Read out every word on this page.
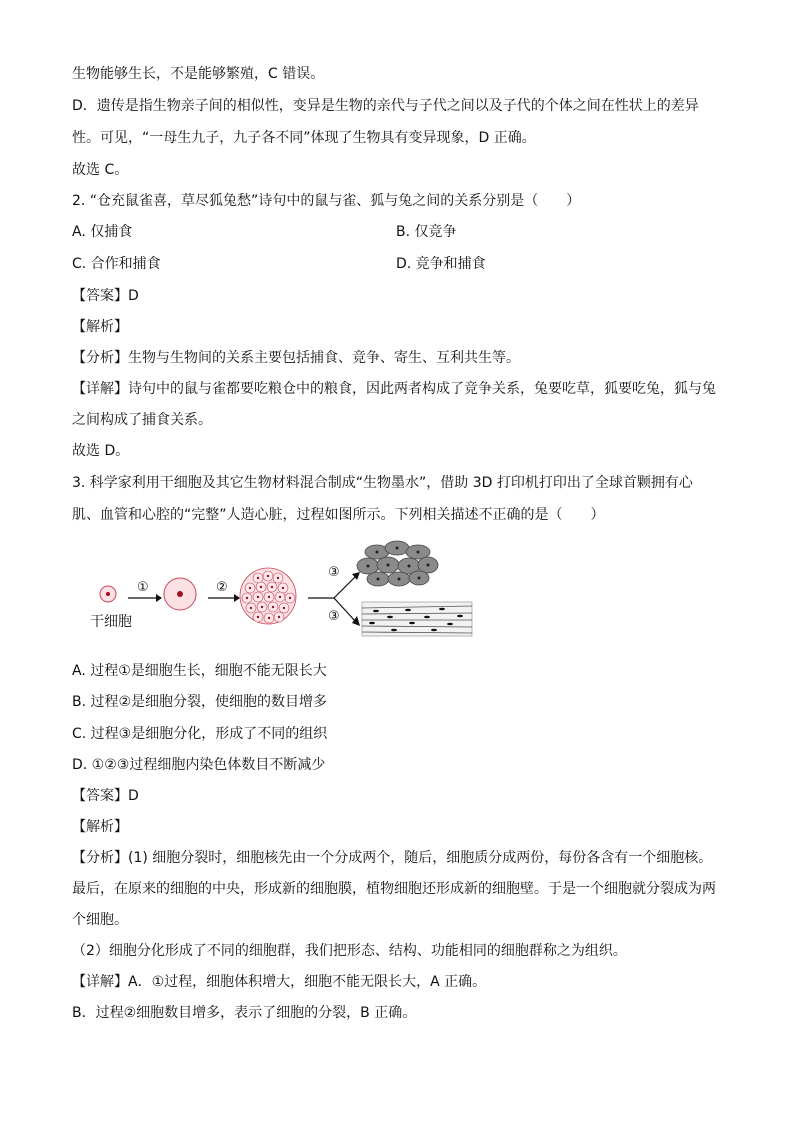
生物能够生长，不是能够繁殖，C 错误。
D．遗传是指生物亲子间的相似性，变异是生物的亲代与子代之间以及子代的个体之间在性状上的差异
性。可见，“一母生九子，九子各不同”体现了生物具有变异现象，D 正确。
故选 C。
2. “仓充鼠雀喜，草尽狐兔愁”诗句中的鼠与雀、狐与兔之间的关系分别是（　　）
A. 仅捕食	B. 仅竞争
C. 合作和捕食	D. 竞争和捕食
【答案】D
【解析】
【分析】生物与生物间的关系主要包括捕食、竞争、寄生、互利共生等。
【详解】诗句中的鼠与雀都要吃粮仓中的粮食，因此两者构成了竞争关系，兔要吃草，狐要吃兔，狐与兔
之间构成了捕食关系。
故选 D。
3. 科学家利用干细胞及其它生物材料混合制成“生物墨水”，借助 3D 打印机打印出了全球首颗拥有心
肌、血管和心腔的“完整”人造心脏，过程如图所示。下列相关描述不正确的是（　　）
干细胞
①	②
③
③
A. 过程①是细胞生长，细胞不能无限长大
B. 过程②是细胞分裂，使细胞的数目增多
C. 过程③是细胞分化，形成了不同的组织
D. ①②③过程细胞内染色体数目不断减少
【答案】D
【解析】
【分析】(1) 细胞分裂时，细胞核先由一个分成两个，随后，细胞质分成两份，每份各含有一个细胞核。
最后，在原来的细胞的中央，形成新的细胞膜，植物细胞还形成新的细胞壁。于是一个细胞就分裂成为两
个细胞。
（2）细胞分化形成了不同的细胞群，我们把形态、结构、功能相同的细胞群称之为组织。
【详解】A．①过程，细胞体积增大，细胞不能无限长大，A 正确。
B．过程②细胞数目增多，表示了细胞的分裂，B 正确。
